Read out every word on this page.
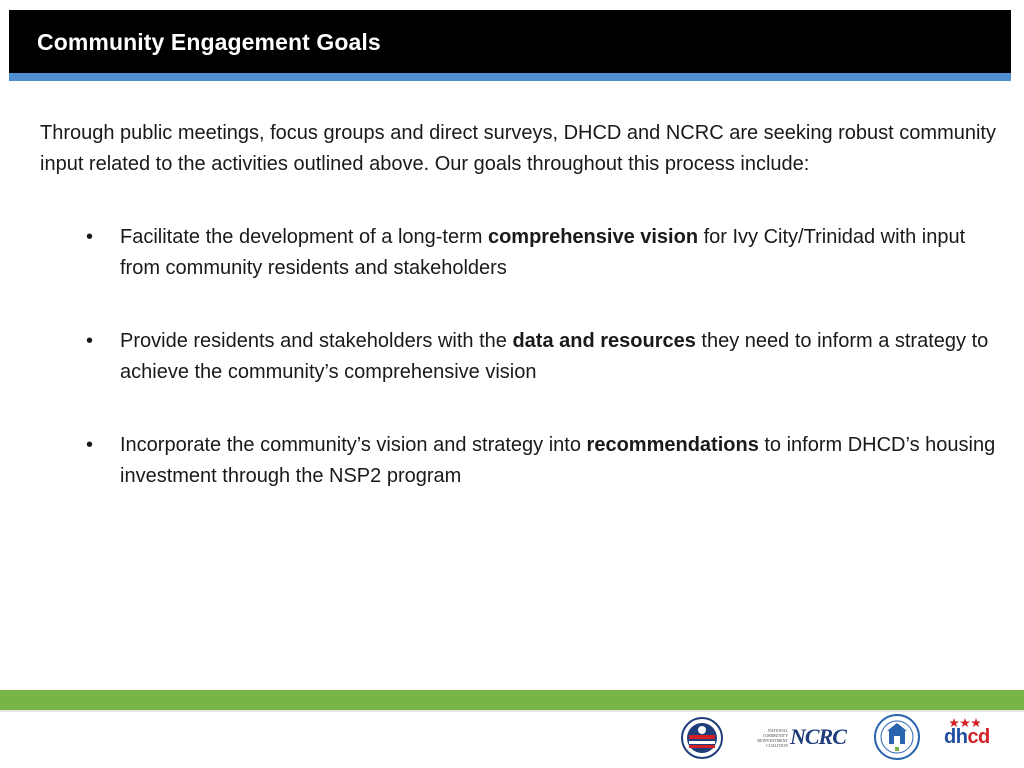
Community Engagement Goals

Through public meetings, focus groups and direct surveys, DHCD and NCRC are seeking robust community input related to the activities outlined above. Our goals throughout this process include:

• Facilitate the development of a long-term comprehensive vision for Ivy City/Trinidad with input from community residents and stakeholders
• Provide residents and stakeholders with the data and resources they need to inform a strategy to achieve the community’s comprehensive vision
• Incorporate the community’s vision and strategy into recommendations to inform DHCD’s housing investment through the NSP2 program
NATIONAL COMMUNITY REINVESTMENT COALITION NCRC	dhcd
